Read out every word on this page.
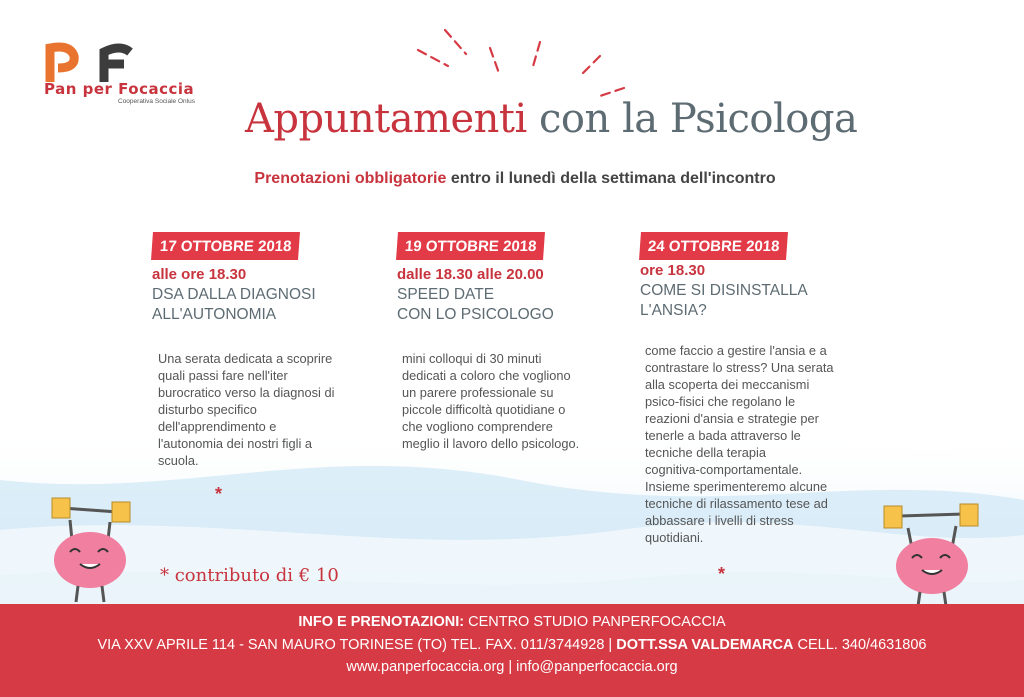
Pan per Focaccia
Cooperativa Sociale Onlus Appuntamenti con la Psicologa
Prenotazioni obbligatorie entro il lunedì della settimana dell'incontro
17 OTTOBRE 2018
alle ore 18.30
DSA DALLA DIAGNOSI
ALL'AUTONOMIA
Una serata dedicata a scoprire
quali passi fare nell'iter
burocratico verso la diagnosi di
disturbo specifico
dell'apprendimento e
l'autonomia dei nostri figli a
scuola.
*
19 OTTOBRE 2018
dalle 18.30 alle 20.00
SPEED DATE
CON LO PSICOLOGO
mini colloqui di 30 minuti
dedicati a coloro che vogliono
un parere professionale su
piccole difficoltà quotidiane o
che vogliono comprendere
meglio il lavoro dello psicologo.
24 OTTOBRE 2018
ore 18.30
COME SI DISINSTALLA
L'ANSIA?
come faccio a gestire l'ansia e a
contrastare lo stress? Una serata
alla scoperta dei meccanismi
psico-fisici che regolano le
reazioni d'ansia e strategie per
tenerle a bada attraverso le
tecniche della terapia
cognitiva-comportamentale.
Insieme sperimenteremo alcune
tecniche di rilassamento tese ad
abbassare i livelli di stress
quotidiani.
*
* contributo di € 10
INFO E PRENOTAZIONI: CENTRO STUDIO PANPERFOCACCIA
VIA XXV APRILE 114 - SAN MAURO TORINESE (TO) TEL. FAX. 011/3744928 | DOTT.SSA VALDEMARCA CELL. 340/4631806
www.panperfocaccia.org | info@panperfocaccia.org
